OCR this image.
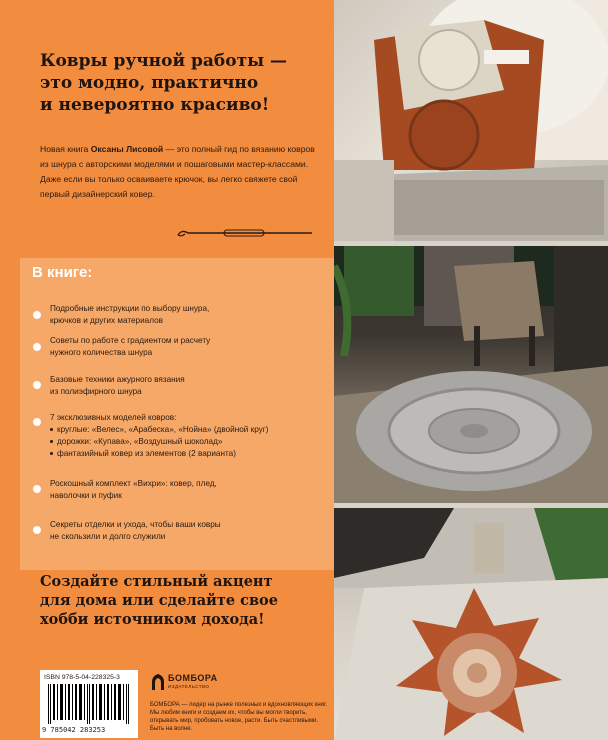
Ковры ручной работы —

это модно, практично

и невероятно красиво!

Новая книга Оксаны Лисовой — это полный гид по вязанию ковров из шнура с авторскими моделями и пошаговыми мастер-классами. Даже если вы только осваиваете крючок, вы легко свяжете свой первый дизайнерский ковер.

В книге:

Подробные инструкции по выбору шнура,
крючков и других материалов
Советы по работе с градиентом и расчету
нужного количества шнура
Базовые техники ажурного вязания
из полиэфирного шнура
7 эксклюзивных моделей ковров:
круглые: «Велес», «Арабеска», «Нойна» (двойной круг)
дорожки: «Купава», «Воздушный шоколад»
фантазийный ковер из элементов (2 варианта)
Роскошный комплект «Вихри»: ковер, плед,
наволочки и пуфик
Секреты отделки и ухода, чтобы ваши ковры
не скользили и долго служили
Создайте стильный акцент
для дома или сделайте свое
хобби источником дохода!
ISBN 978-5-04-228325-3
9 785042 283253
БОМБОРА
ИЗДАТЕЛЬСТВО

БОМБОРА — лидер на рынке полезных и вдохновляющих книг. Мы любим книги и создаем их, чтобы вы могли творить, открывать мир, пробовать новое, расти. Быть счастливыми. Быть на волне.
